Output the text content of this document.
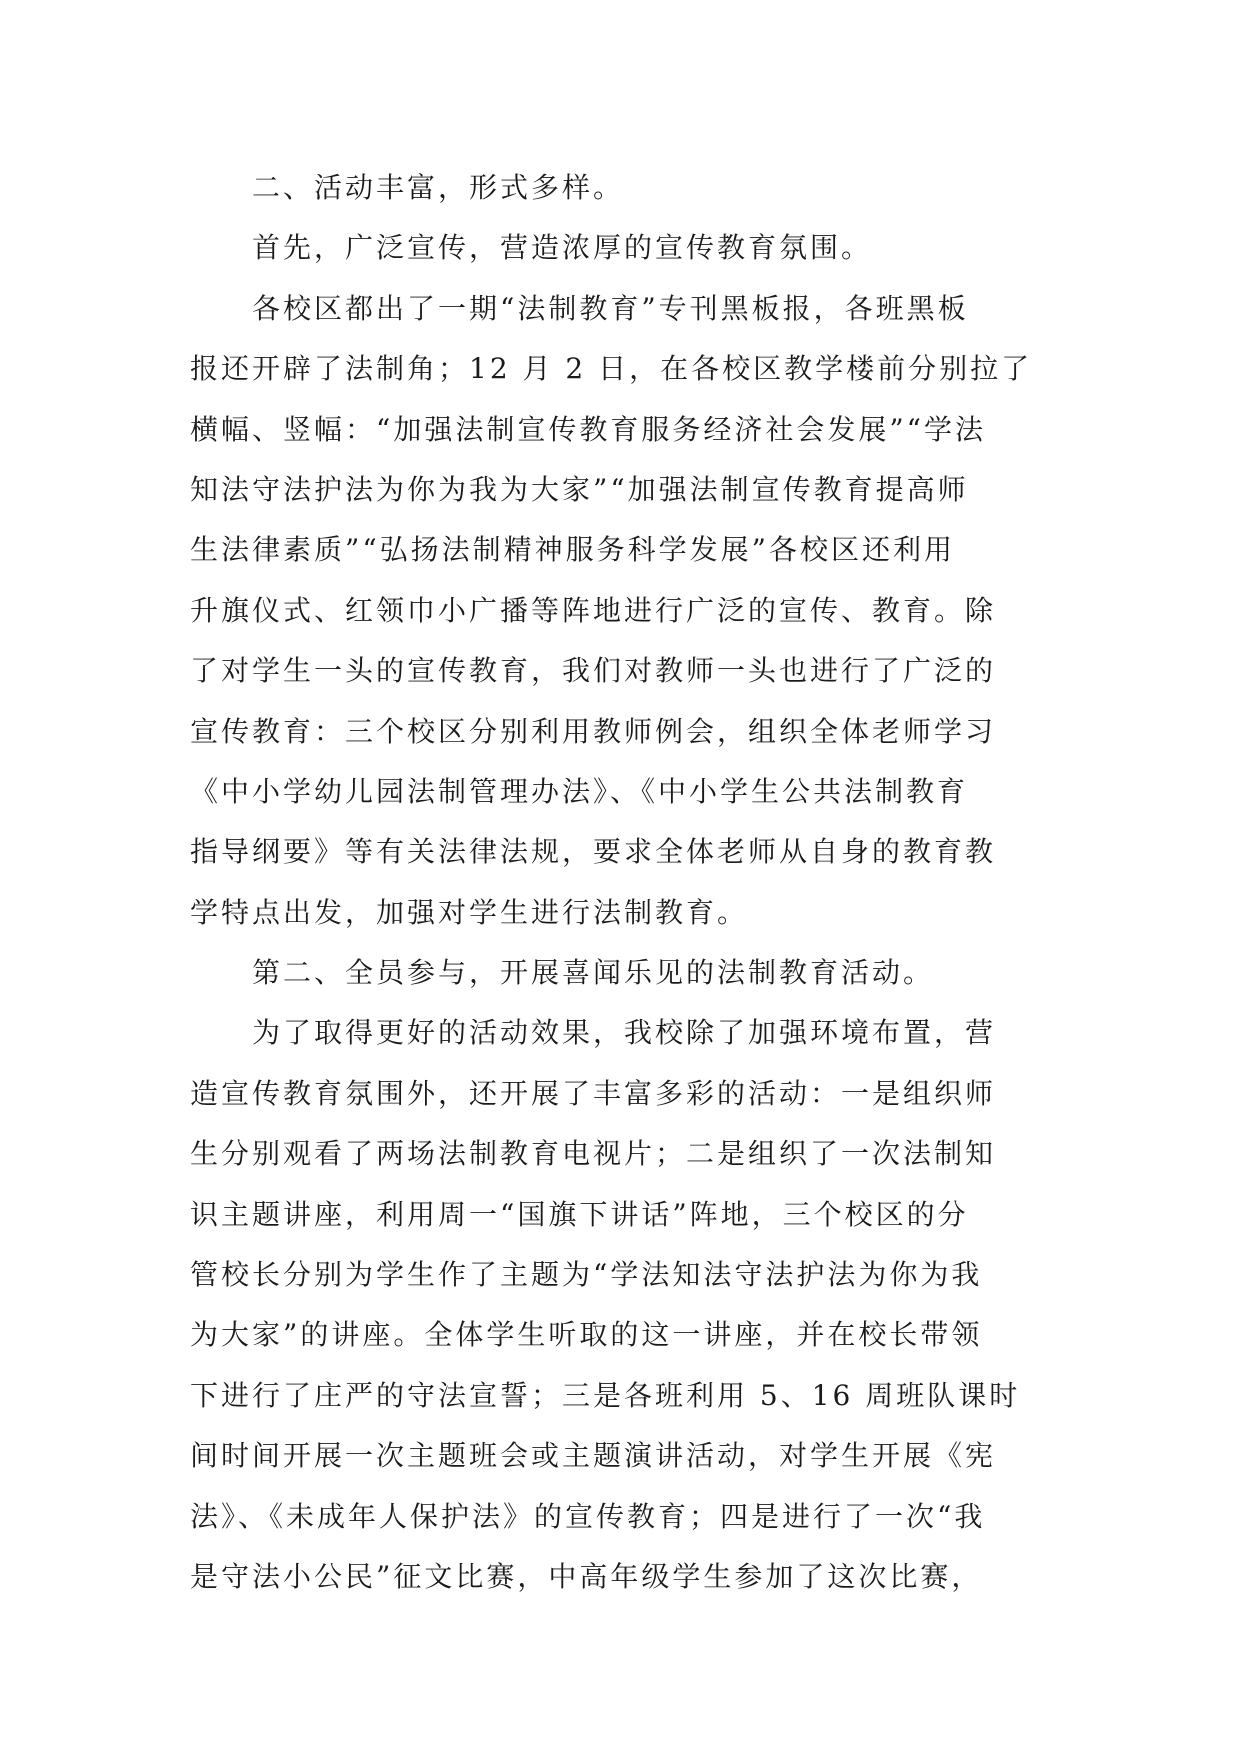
二、活动丰富，形式多样。
首先，广泛宣传，营造浓厚的宣传教育氛围。
各校区都出了一期“法制教育”专刊黑板报，各班黑板
报还开辟了法制角；12 月 2 日，在各校区教学楼前分别拉了
横幅、竖幅：“加强法制宣传教育服务经济社会发展”“学法
知法守法护法为你为我为大家”“加强法制宣传教育提高师
生法律素质”“弘扬法制精神服务科学发展”各校区还利用
升旗仪式、红领巾小广播等阵地进行广泛的宣传、教育。除
了对学生一头的宣传教育，我们对教师一头也进行了广泛的
宣传教育：三个校区分别利用教师例会，组织全体老师学习
《中小学幼儿园法制管理办法》、《中小学生公共法制教育
指导纲要》等有关法律法规，要求全体老师从自身的教育教
学特点出发，加强对学生进行法制教育。
第二、全员参与，开展喜闻乐见的法制教育活动。
为了取得更好的活动效果，我校除了加强环境布置，营
造宣传教育氛围外，还开展了丰富多彩的活动：一是组织师
生分别观看了两场法制教育电视片；二是组织了一次法制知
识主题讲座，利用周一“国旗下讲话”阵地，三个校区的分
管校长分别为学生作了主题为“学法知法守法护法为你为我
为大家”的讲座。全体学生听取的这一讲座，并在校长带领
下进行了庄严的守法宣誓；三是各班利用 5、16 周班队课时
间时间开展一次主题班会或主题演讲活动，对学生开展《宪
法》、《未成年人保护法》的宣传教育；四是进行了一次“我
是守法小公民”征文比赛，中高年级学生参加了这次比赛，
